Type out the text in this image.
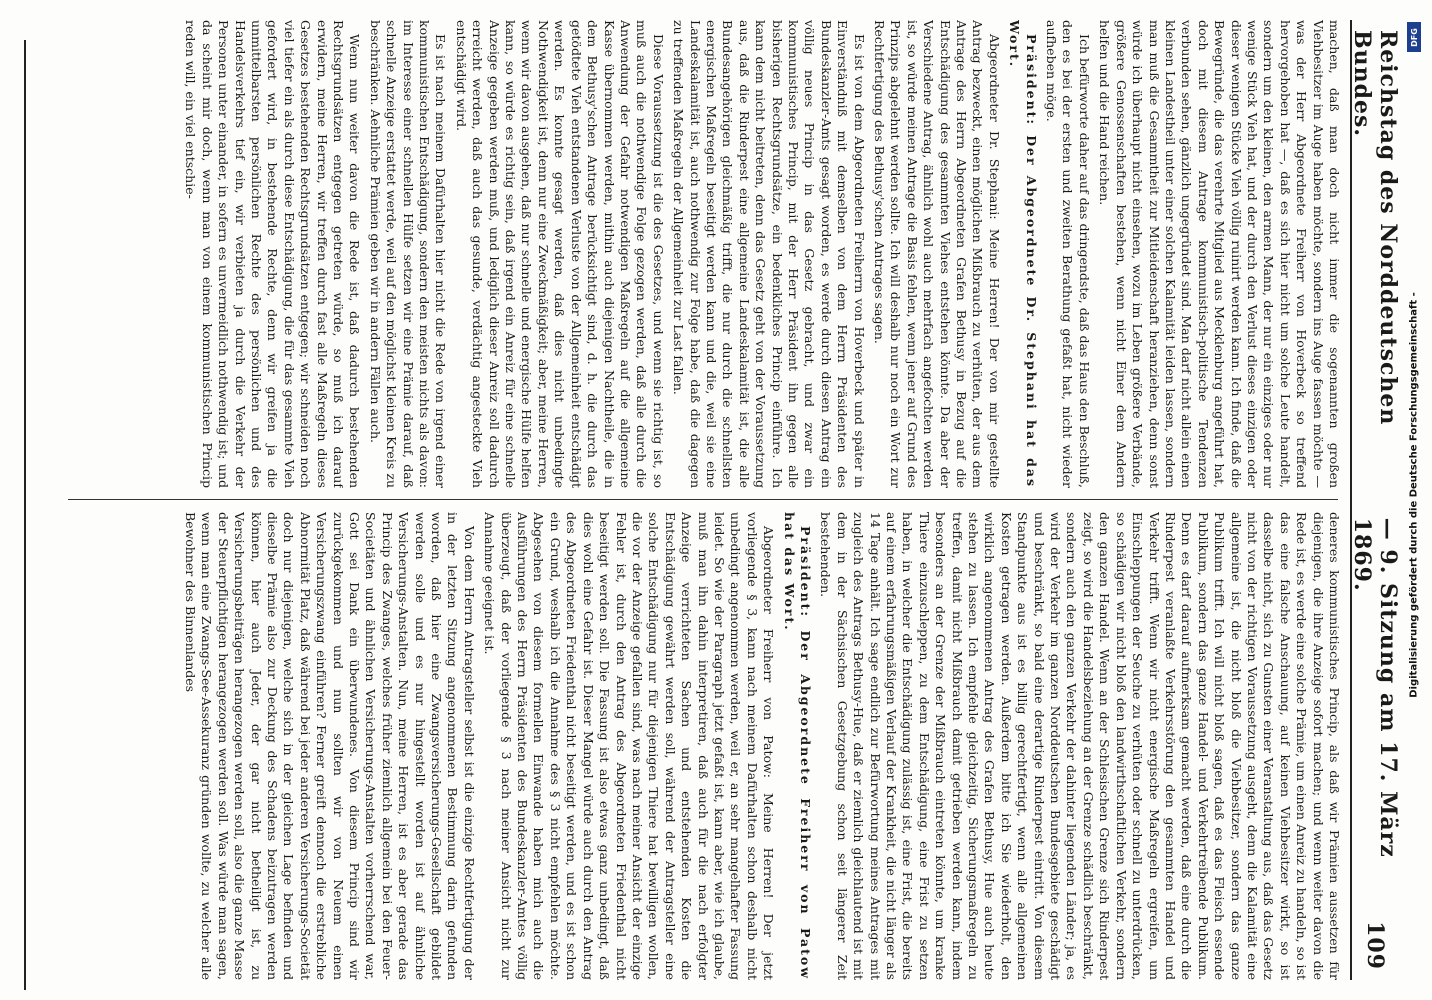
Reichstag des Norddeutschen Bundes.
— 9. Sitzung am 17. März 1869.
109

machen, daß man doch nicht immer die sogenannten großen Viehbesitzer im Auge haben möchte, sondern ins Auge fassen möchte — was der Herr Abgeordnete Freiherr von Hoverbeck so treffend hervorgehoben hat —, daß es sich hier nicht um solche Leute handelt, sondern um den kleinen, den armen Mann, der nur ein einziges oder nur wenige Stück Vieh hat, und der durch den Verlust dieses einzigen oder dieser wenigen Stücke Vieh völlig ruinirt werden kann. Ich finde, daß die Bewegründe, die das verehrte Mitglied aus Mecklenburg angeführt hat, doch mit diesem Antrage kommunistisch-politische Tendenzen verbunden sehen, gänzlich ungegründet sind. Man darf nicht allein einen kleinen Landestheil unter einer solchen Kalamität leiden lassen, sondern man muß die Gesammtheit zur Mitleidenschaft heranziehen, denn sonst würde ich überhaupt nicht einsehen, wozu im Leben größere Verbände, größere Genossenschaften bestehen, wenn nicht Einer dem Andern helfen und die Hand reichen.

Ich befürworte daher auf das dringendste, daß das Haus den Beschluß, den es bei der ersten und zweiten Berathung gefaßt hat, nicht wieder aufheben möge.

Präsident: Der Abgeordnete Dr. Stephani hat das Wort.

Abgeordneter Dr. Stephani: Meine Herren! Der von mir gestellte Antrag bezweckt, einen möglichen Mißbrauch zu verhüten, der aus dem Antrage des Herrn Abgeordneten Grafen Bethusy in Bezug auf die Entschädigung des gesammten Viehes entstehen könnte. Da aber der Verschiedene Antrag, ähnlich wohl auch mehrfach angefochten werden ist, so würde meinen Antrage die Basis fehlen, wenn jener auf Grund des Prinzips abgelehnt werden sollte. Ich will deshalb nur noch ein Wort zur Rechtfertigung des Bethusy'schen Antrages sagen.

Es ist von dem Abgeordneten Freiherrn von Hoverbeck und später in Einverständniß mit demselben von dem Herrn Präsidenten des Bundeskanzler-Amts gesagt worden, es werde durch diesen Antrag ein völlig neues Princip in das Gesetz gebracht, und zwar ein kommunistisches Princip, mit der Herr Präsident ihn gegen alle bisherigen Rechtsgrundsätze, ein bedenkliches Princip einführe. Ich kann dem nicht beitreten, denn das Gesetz geht von der Voraussetzung aus, daß die Rinderpest eine allgemeine Landeskalamität ist, die alle Bundesangehörigen gleichmäßig trifft, die nur durch die schnellsten energischen Maßregeln beseitigt werden kann und die, weil sie eine Landeskalamität ist, auch nothwendig zur Folge habe, daß die dagegen zu treffenden Maßregeln der Allgemeinheit zur Last fallen.

Diese Voraussetzung ist die des Gesetzes, und wenn sie richtig ist, so muß auch die nothwendige Folge gezogen werden, daß alle durch die Anwendung der Gefahr notwendigen Maßregeln auf die allgemeine Kasse übernommen werden, mithin auch diejenigen Nachtheile, die in dem Bethusy'schen Antrage berücksichtigt sind, d. h. die durch das getödtete Vieh entstandenen Verluste von der Allgemeinheit entschädigt werden. Es konnte gesagt werden, daß dies nicht unbedingte Nothwendigkeit ist, denn nur eine Zweckmäßigkeit; aber, meine Herren, wenn wir davon ausgehen, daß nur schnelle und energische Hülfe helfen kann, so würde es richtig sein, daß irgend ein Anreiz für eine schnelle Anzeige gegeben werden muß, und lediglich dieser Anreiz soll dadurch erreicht werden, daß auch das gesunde, verdächtig angesteckte Vieh entschädigt wird.

Es ist nach meinem Dafürhalten hier nicht die Rede von irgend einer kommunistischen Entschädigung, sondern den meisten nichts als davon: im Interesse einer schnellen Hülfe setzen wir eine Prämie darauf, daß schnelle Anzeige erstattet werde, weil auf den möglichst kleinen Kreis zu beschränken. Aehnliche Prämien geben wir in andern Fällen auch.

Wenn nun weiter davon die Rede ist, daß dadurch bestehenden Rechtsgrundsätzen entgegen getreten würde, so muß ich darauf erwidern, meine Herren, wir treffen durch fast alle Maßregeln dieses Gesetzes bestehenden Rechtsgrundsätzen entgegen; wir schneiden noch viel tiefer ein als durch diese Entschädigung, die für das gesammte Vieh gefordert wird, in bestehende Rechte, denn wir greifen ja die unmittelbarsten persönlichen Rechte des persönlichen und des Handelsverkehrs tief ein, wir verbieten ja durch die Verkehr der Personen unter einander, in sofern es unvermeidlich nothwendig ist; und da scheint mir doch, wenn man von einem kommunistischen Princip reden will, ein viel entschie-

deneres kommunistisches Princip, als daß wir Prämien aussetzen für diejenigen, die ihre Anzeige sofort machen; und wenn weiter davon die Rede ist, es werde eine solche Prämie, um einen Anreiz zu handeln, so ist das eine falsche Anschauung, auf keinen Viehbesitzer wirkt, so ist dasselbe nicht, sich zu Gunsten einer Veranstaltung aus, daß das Gesetz nicht von der richtigen Voraussetzung ausgeht, denn die Kalamität eine allgemeine ist, die nicht bloß die Viehbesitzer, sondern das ganze Publikum trifft. Ich will nicht bloß sagen, daß es das Fleisch essende Publikum, sondern das ganze Handel- und Verkehrtreibende Publikum. Denn es darf darauf aufmerksam gemacht werden, daß eine durch die Rinderpest veranlaßte Verkehrsstörung den gesammten Handel und Verkehr trifft. Wenn wir nicht energische Maßregeln ergreifen, um Einschleppungen der Seuche zu verhüten oder schnell zu unterdrücken, so schädigen wir nicht bloß den landwirthschaftlichen Verkehr, sondern den ganzen Handel. Wenn an der Schlesischen Grenze sich Rinderpest zeigt, so wird die Handelsbeziehung an der Grenze schädlich beschränkt, sondern auch den ganzen Verkehr der dahinter liegenden Länder; ja, es wird der Verkehr im ganzen Norddeutschen Bundesgebiete geschädigt und beschränkt, so bald eine derartige Rinderpest eintritt. Von diesem Standpunkte aus ist es billig gerechtfertigt, wenn alle allgemeinen Kosten getragen werden. Außerdem bitte ich Sie wiederholt, den wirklich angenommenen Antrag des Grafen Bethusy, Hue auch heute stehen zu lassen. Ich empfehle gleichzeitig, Sicherungsmaßregeln zu treffen, damit nicht Mißbrauch damit getrieben werden kann, indem besonders an der Grenze der Mißbrauch eintreten könnte, um kranke Thiere einzuschleppen, zu dem Entschädigung, eine Frist zu setzen haben, in welcher die Entschädigung zulässig ist, eine Frist, die bereits auf einem erfahrungsmäßigen Verlauf der Krankheit, die nicht länger als 14 Tage anhält. Ich sage endlich zur Befürwortung meines Antrages mit zugleich des Antrags Bethusy-Hue, daß er ziemlich gleichlautend ist mit dem in der Sächsischen Gesetzgebung schon seit längerer Zeit bestehenden.

Präsident: Der Abgeordnete Freiherr von Patow hat das Wort.

Abgeordneter Freiherr von Patow: Meine Herren! Der jetzt vorliegende § 3, kann nach meinem Dafürhalten schon deshalb nicht unbedingt angenommen werden, weil er, an sehr mangelhafter Fassung leidet. So wie der Paragraph jetzt gefaßt ist, kann aber, wie ich glaube, muß man ihn dahin interpretiren, daß auch für die nach erfolgter Anzeige verrichteten Sachen und entstehenden Kosten die Entschädigung gewährt werden soll, während der Antragsteller eine solche Entschädigung nur für diejenigen Thiere hat bewilligen wollen, die vor der Anzeige gefallen sind, was nach meiner Ansicht der einzige Fehler ist, durch den Antrag des Abgeordneten Friedenthal nicht beseitigt werden soll. Die Fassung ist also etwas ganz unbedingt, daß dies wohl eine Gefahr ist. Dieser Mangel würde auch durch den Antrag des Abgeordneten Friedenthal nicht beseitigt werden, und es ist schon ein Grund, weshalb ich die Annahme des § 3 nicht empfehlen möchte. Abgesehen von diesem formellen Einwande haben mich auch die Ausführungen des Herrn Präsidenten des Bundeskanzler-Amtes völlig überzeugt, daß der vorliegende § 3 nach meiner Ansicht nicht zur Annahme geeignet ist.

Von dem Herrn Antragsteller selbst ist die einzige Rechtfertigung der in der letzten Sitzung angenommenen Bestimmung darin gefunden worden, daß hier eine Zwangsversicherungs-Gesellschaft gebildet werden solle und es nur hingestellt worden ist auf ähnliche Versicherungs-Anstalten. Nun, meine Herren, ist es aber gerade das Princip des Zwanges, welches früher ziemlich allgemein bei den Feuer-Societäten und ähnlichen Versicherungs-Anstalten vorherrschend war, Gott sei Dank ein überwundenes. Von diesem Princip sind wir zurückgekommen und nun sollten wir von Neuem einen Versicherungszwang einführen? Ferner greift dennoch die erstrebliche Abnormität Platz, daß während bei jeder anderen Versicherungs-Societät doch nur diejenigen, welche sich in der gleichen Lage befinden und dieselbe Prämie also zur Deckung des Schadens beizutragen werden können, hier auch Jeder, der gar nicht betheiligt ist, zu Versicherungsbeiträgen herangezogen werden soll, also die ganze Masse der Steuerpflichtigen herangezogen werden soll. Was würde man sagen, wenn man eine Zwangs-See-Assekuranz gründen wollte, zu welcher alle Bewohner des Binnenlandes	Digitalisierung gefördert durch die Deutsche Forschungsgemeinschaft -
DFG
